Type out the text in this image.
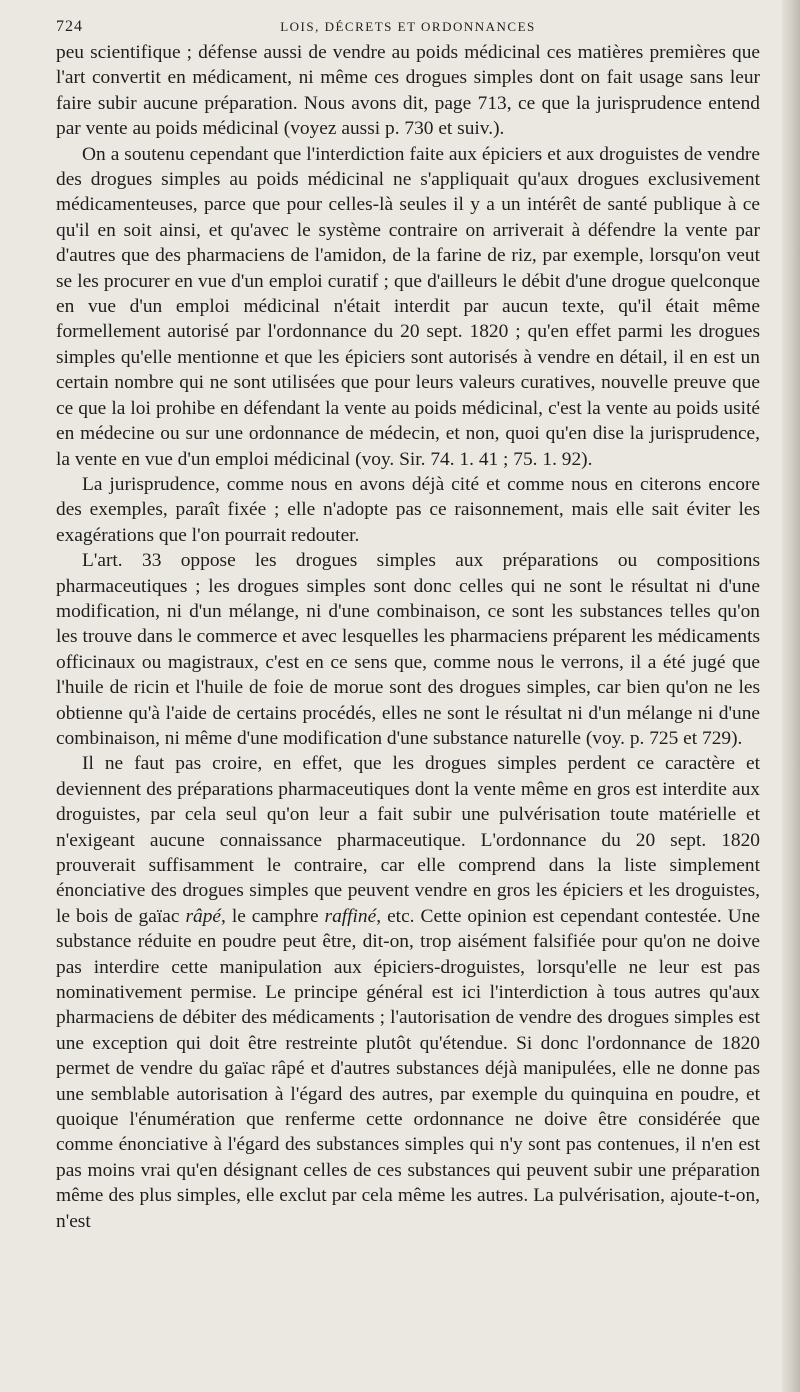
724	LOIS, DÉCRETS ET ORDONNANCES

peu scientifique ; défense aussi de vendre au poids médicinal ces matières premières que l'art convertit en médicament, ni même ces drogues simples dont on fait usage sans leur faire subir aucune préparation. Nous avons dit, page 713, ce que la jurisprudence entend par vente au poids médicinal (voyez aussi p. 730 et suiv.).

On a soutenu cependant que l'interdiction faite aux épiciers et aux droguistes de vendre des drogues simples au poids médicinal ne s'appliquait qu'aux drogues exclusivement médicamenteuses, parce que pour celles-là seules il y a un intérêt de santé publique à ce qu'il en soit ainsi, et qu'avec le système contraire on arriverait à défendre la vente par d'autres que des pharmaciens de l'amidon, de la farine de riz, par exemple, lorsqu'on veut se les procurer en vue d'un emploi curatif ; que d'ailleurs le débit d'une drogue quelconque en vue d'un emploi médicinal n'était interdit par aucun texte, qu'il était même formellement autorisé par l'ordonnance du 20 sept. 1820 ; qu'en effet parmi les drogues simples qu'elle mentionne et que les épiciers sont autorisés à vendre en détail, il en est un certain nombre qui ne sont utilisées que pour leurs valeurs curatives, nouvelle preuve que ce que la loi prohibe en défendant la vente au poids médicinal, c'est la vente au poids usité en médecine ou sur une ordonnance de médecin, et non, quoi qu'en dise la jurisprudence, la vente en vue d'un emploi médicinal (voy. Sir. 74. 1. 41 ; 75. 1. 92).

La jurisprudence, comme nous en avons déjà cité et comme nous en citerons encore des exemples, paraît fixée ; elle n'adopte pas ce raisonnement, mais elle sait éviter les exagérations que l'on pourrait redouter.

L'art. 33 oppose les drogues simples aux préparations ou compositions pharmaceutiques ; les drogues simples sont donc celles qui ne sont le résultat ni d'une modification, ni d'un mélange, ni d'une combinaison, ce sont les substances telles qu'on les trouve dans le commerce et avec lesquelles les pharmaciens préparent les médicaments officinaux ou magistraux, c'est en ce sens que, comme nous le verrons, il a été jugé que l'huile de ricin et l'huile de foie de morue sont des drogues simples, car bien qu'on ne les obtienne qu'à l'aide de certains procédés, elles ne sont le résultat ni d'un mélange ni d'une combinaison, ni même d'une modification d'une substance naturelle (voy. p. 725 et 729).

Il ne faut pas croire, en effet, que les drogues simples perdent ce caractère et deviennent des préparations pharmaceutiques dont la vente même en gros est interdite aux droguistes, par cela seul qu'on leur a fait subir une pulvérisation toute matérielle et n'exigeant aucune connaissance pharmaceutique. L'ordonnance du 20 sept. 1820 prouverait suffisamment le contraire, car elle comprend dans la liste simplement énonciative des drogues simples que peuvent vendre en gros les épiciers et les droguistes, le bois de gaïac râpé, le camphre raffiné, etc. Cette opinion est cependant contestée. Une substance réduite en poudre peut être, dit-on, trop aisément falsifiée pour qu'on ne doive pas interdire cette manipulation aux épiciers-droguistes, lorsqu'elle ne leur est pas nominativement permise. Le principe général est ici l'interdiction à tous autres qu'aux pharmaciens de débiter des médicaments ; l'autorisation de vendre des drogues simples est une exception qui doit être restreinte plutôt qu'étendue. Si donc l'ordonnance de 1820 permet de vendre du gaïac râpé et d'autres substances déjà manipulées, elle ne donne pas une semblable autorisation à l'égard des autres, par exemple du quinquina en poudre, et quoique l'énumération que renferme cette ordonnance ne doive être considérée que comme énonciative à l'égard des substances simples qui n'y sont pas contenues, il n'en est pas moins vrai qu'en désignant celles de ces substances qui peuvent subir une préparation même des plus simples, elle exclut par cela même les autres. La pulvérisation, ajoute-t-on, n'est
